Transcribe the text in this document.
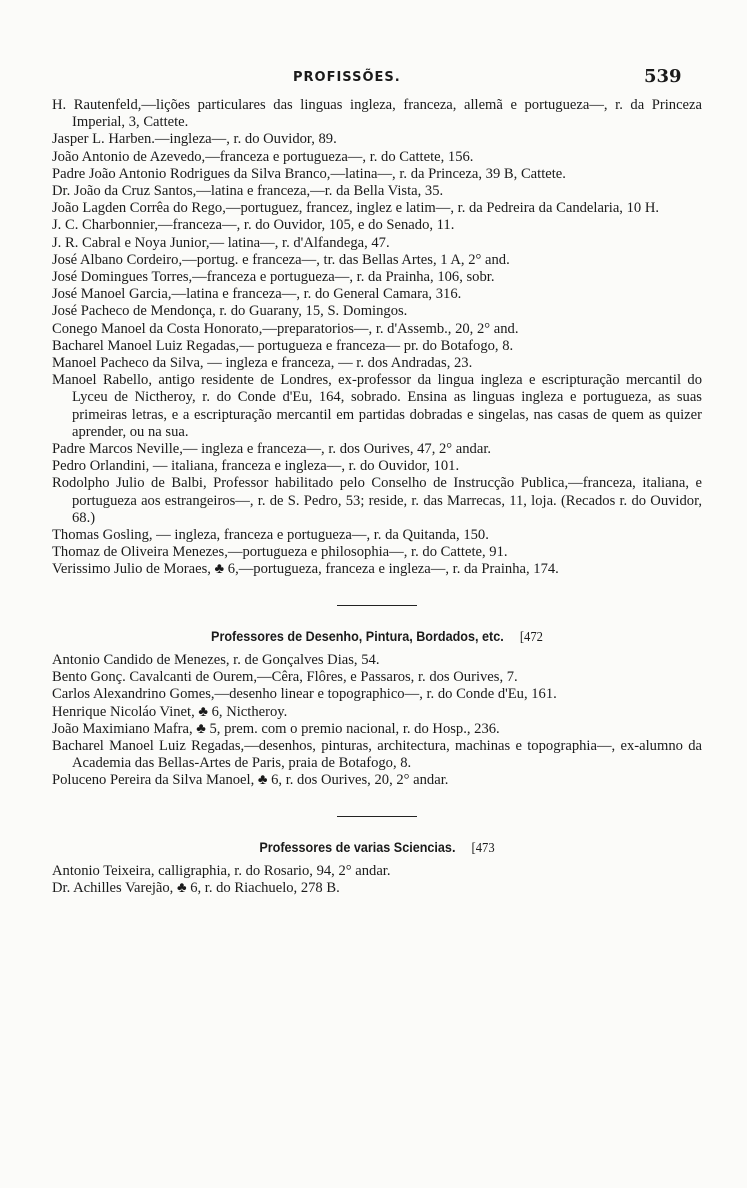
PROFISSÕES.	539

H. Rautenfeld,—lições particulares das linguas ingleza, franceza, allemã e portugueza—, r. da Princeza Imperial, 3, Cattete.

Jasper L. Harben.—ingleza—, r. do Ouvidor, 89.

João Antonio de Azevedo,—franceza e portugueza—, r. do Cattete, 156.

Padre João Antonio Rodrigues da Silva Branco,—latina—, r. da Princeza, 39 B, Cattete.

Dr. João da Cruz Santos,—latina e franceza,—r. da Bella Vista, 35.

João Lagden Corrêa do Rego,—portuguez, francez, inglez e latim—, r. da Pedreira da Candelaria, 10 H.

J. C. Charbonnier,—franceza—, r. do Ouvidor, 105, e do Senado, 11.

J. R. Cabral e Noya Junior,— latina—, r. d'Alfandega, 47.

José Albano Cordeiro,—portug. e franceza—, tr. das Bellas Artes, 1 A, 2° and.

José Domingues Torres,—franceza e portugueza—, r. da Prainha, 106, sobr.

José Manoel Garcia,—latina e franceza—, r. do General Camara, 316.

José Pacheco de Mendonça, r. do Guarany, 15, S. Domingos.

Conego Manoel da Costa Honorato,—preparatorios—, r. d'Assemb., 20, 2° and.

Bacharel Manoel Luiz Regadas,— portugueza e franceza— pr. do Botafogo, 8.

Manoel Pacheco da Silva, — ingleza e franceza, — r. dos Andradas, 23.

Manoel Rabello, antigo residente de Londres, ex-professor da lingua ingleza e escripturação mercantil do Lyceu de Nictheroy, r. do Conde d'Eu, 164, sobrado. Ensina as linguas ingleza e portugueza, as suas primeiras letras, e a escripturação mercantil em partidas dobradas e singelas, nas casas de quem as quizer aprender, ou na sua.

Padre Marcos Neville,— ingleza e franceza—, r. dos Ourives, 47, 2° andar.

Pedro Orlandini, — italiana, franceza e ingleza—, r. do Ouvidor, 101.

Rodolpho Julio de Balbi, Professor habilitado pelo Conselho de Instrucção Publica,—franceza, italiana, e portugueza aos estrangeiros—, r. de S. Pedro, 53; reside, r. das Marrecas, 11, loja. (Recados r. do Ouvidor, 68.)

Thomas Gosling, — ingleza, franceza e portugueza—, r. da Quitanda, 150.

Thomaz de Oliveira Menezes,—portugueza e philosophia—, r. do Cattete, 91.

Verissimo Julio de Moraes, ♣ 6,—portugueza, franceza e ingleza—, r. da Prainha, 174.

Professores de Desenho, Pintura, Bordados, etc. [472

Antonio Candido de Menezes, r. de Gonçalves Dias, 54.

Bento Gonç. Cavalcanti de Ourem,—Cêra, Flôres, e Passaros, r. dos Ourives, 7.

Carlos Alexandrino Gomes,—desenho linear e topographico—, r. do Conde d'Eu, 161.

Henrique Nicoláo Vinet, ♣ 6, Nictheroy.

João Maximiano Mafra, ♣ 5, prem. com o premio nacional, r. do Hosp., 236.

Bacharel Manoel Luiz Regadas,—desenhos, pinturas, architectura, machinas e topographia—, ex-alumno da Academia das Bellas-Artes de Paris, praia de Botafogo, 8.

Poluceno Pereira da Silva Manoel, ♣ 6, r. dos Ourives, 20, 2° andar.

Professores de varias Sciencias. [473

Antonio Teixeira, calligraphia, r. do Rosario, 94, 2° andar.

Dr. Achilles Varejão, ♣ 6, r. do Riachuelo, 278 B.
